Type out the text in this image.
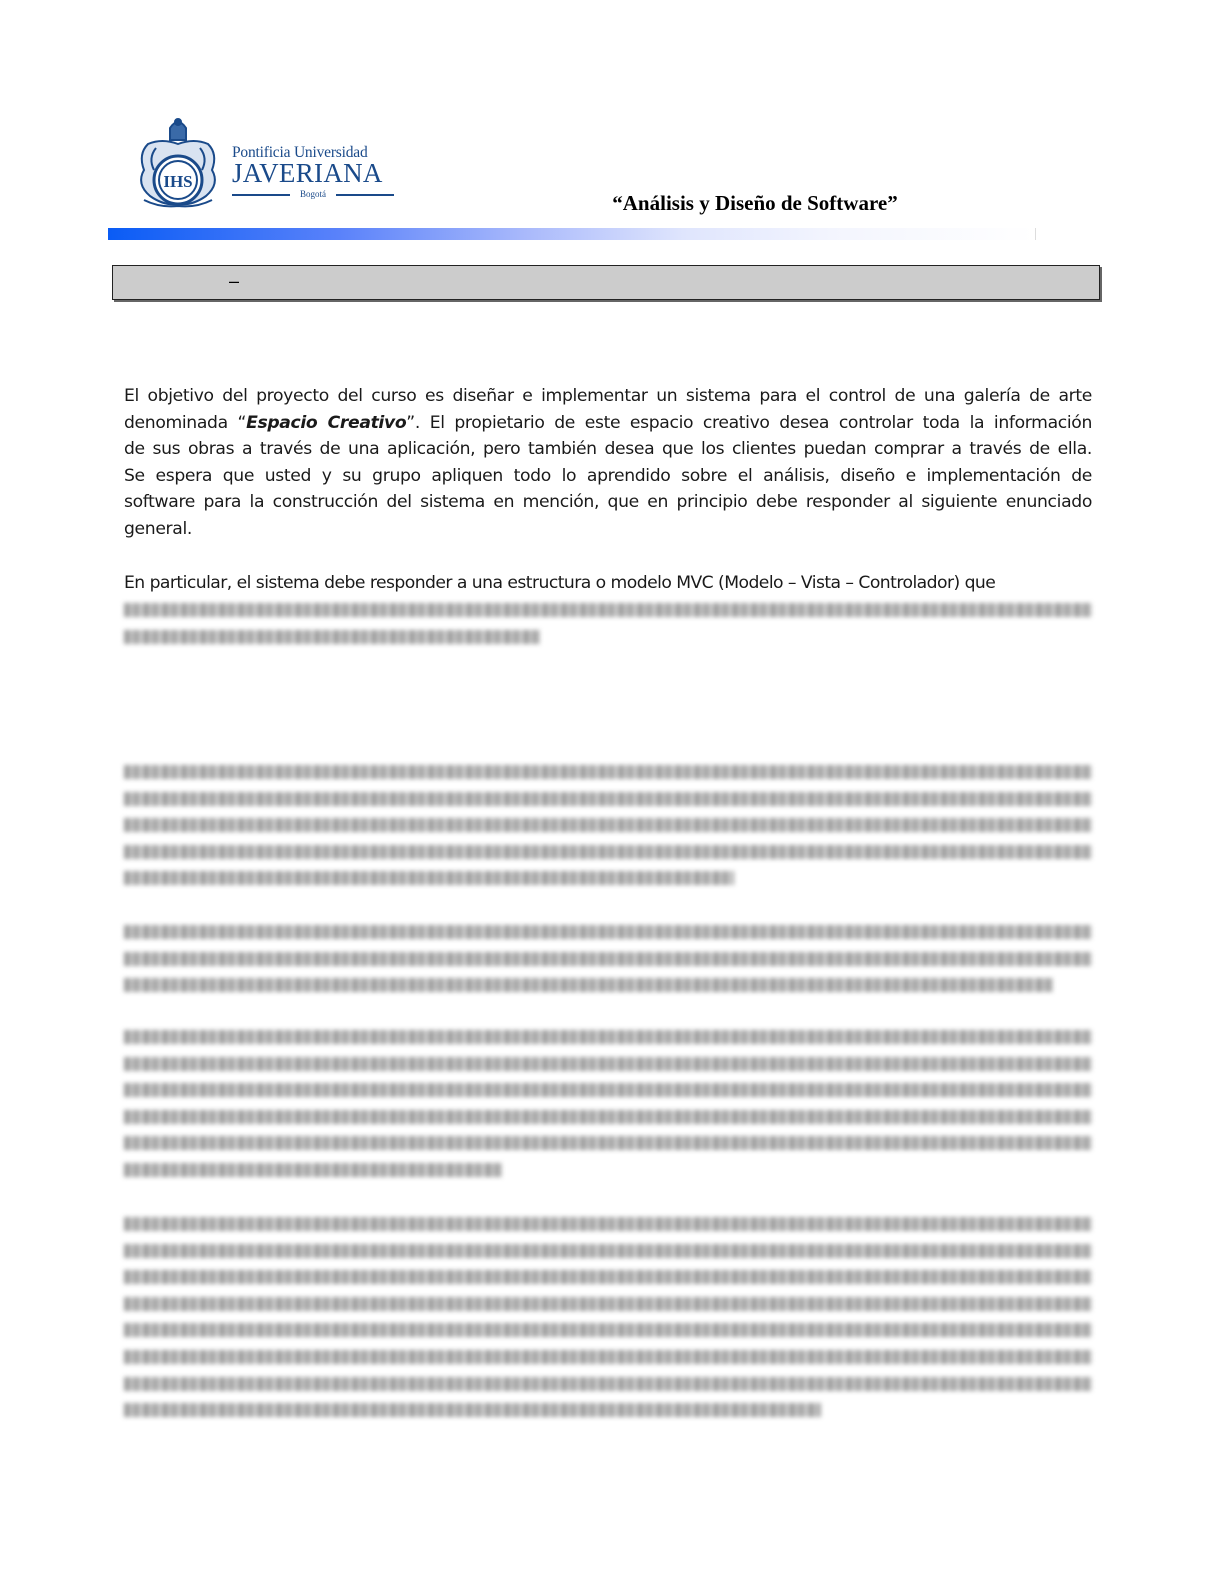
IHS
Pontificia Universidad
JAVERIANA
Bogotá	“Análisis y Diseño de Software”
–
El objetivo del proyecto del curso es diseñar e implementar un sistema para el control de una galería de arte
denominada “Espacio Creativo”. El propietario de este espacio creativo desea controlar toda la información
de sus obras a través de una aplicación, pero también desea que los clientes puedan comprar a través de ella.
Se espera que usted y su grupo apliquen todo lo aprendido sobre el análisis, diseño e implementación de
software para la construcción del sistema en mención, que en principio debe responder al siguiente enunciado
general.
En particular, el sistema debe responder a una estructura o modelo MVC (Modelo – Vista – Controlador) que
